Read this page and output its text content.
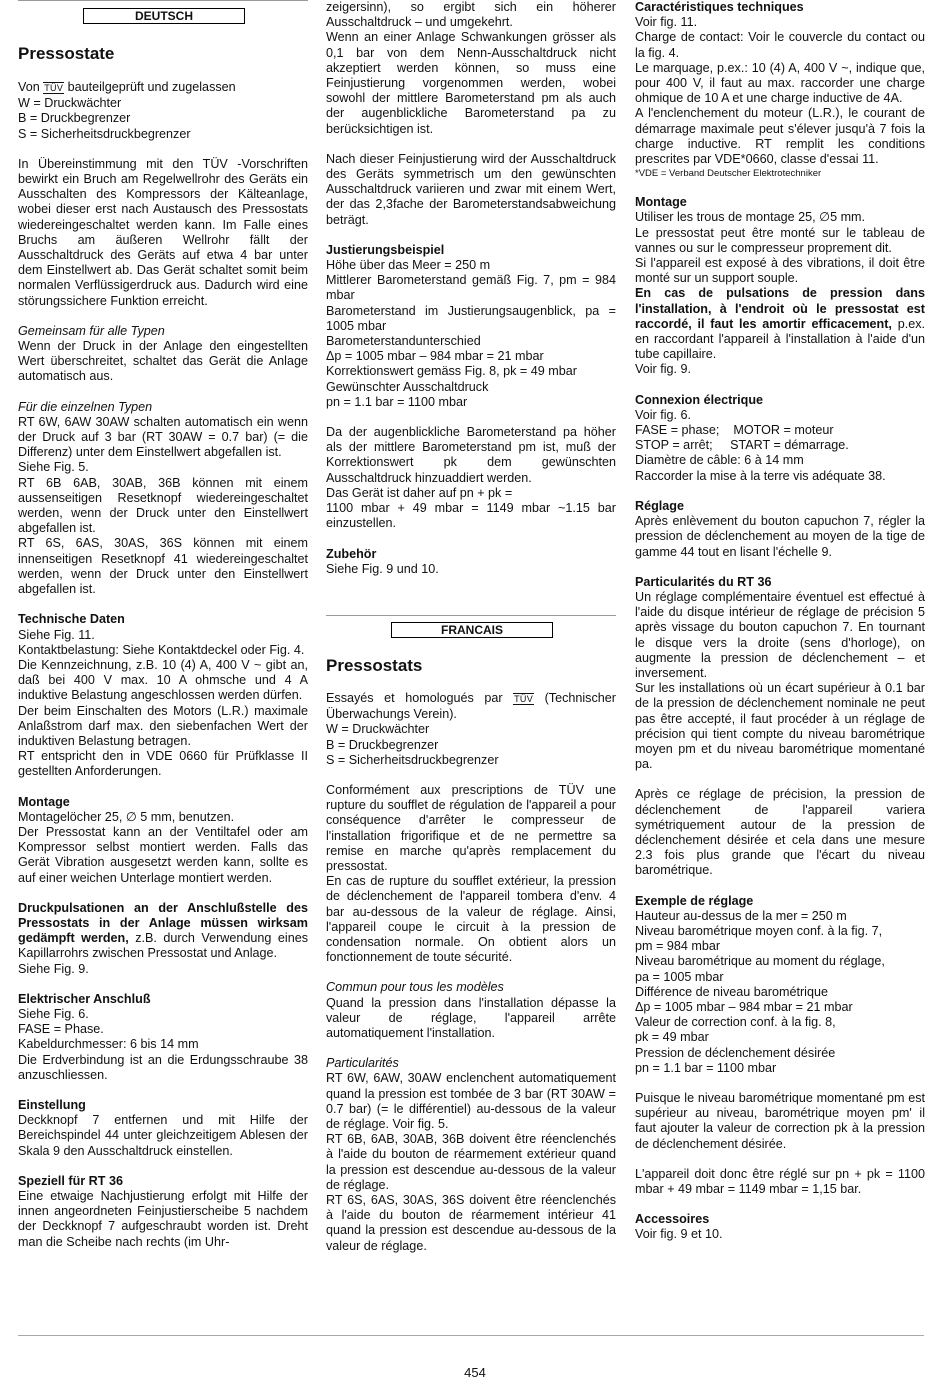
DEUTSCH

Pressostate

Von TÜV bauteilgeprüft und zugelassen

W = Druckwächter

B = Druckbegrenzer

S = Sicherheitsdruckbegrenzer

In Übereinstimmung mit den TÜV -Vorschriften bewirkt ein Bruch am Regelwellrohr des Geräts ein Ausschalten des Kompressors der Kälteanlage, wobei dieser erst nach Austausch des Pressostats wiedereingeschaltet werden kann. Im Falle eines Bruchs am äußeren Wellrohr fällt der Ausschaltdruck des Geräts auf etwa 4 bar unter dem Einstellwert ab. Das Gerät schaltet somit beim normalen Verflüssigerdruck aus. Dadurch wird eine störungssichere Funktion erreicht.

Gemeinsam für alle Typen

Wenn der Druck in der Anlage den eingestellten Wert überschreitet, schaltet das Gerät die Anlage automatisch aus.

Für die einzelnen Typen

RT 6W, 6AW 30AW schalten automatisch ein wenn der Druck auf 3 bar (RT 30AW = 0.7 bar) (= die Differenz) unter dem Einstellwert abgefallen ist.

Siehe Fig. 5.

RT 6B 6AB, 30AB, 36B können mit einem aussenseitigen Resetknopf wiedereingeschaltet werden, wenn der Druck unter den Einstellwert abgefallen ist.

RT 6S, 6AS, 30AS, 36S können mit einem innenseitigen Resetknopf 41 wiedereingeschaltet werden, wenn der Druck unter den Einstellwert abgefallen ist.

Technische Daten

Siehe Fig. 11.

Kontaktbelastung: Siehe Kontaktdeckel oder Fig. 4.

Die Kennzeichnung, z.B. 10 (4) A, 400 V ~ gibt an, daß bei 400 V max. 10 A ohmsche und 4 A induktive Belastung angeschlossen werden dürfen.

Der beim Einschalten des Motors (L.R.) maximale Anlaßstrom darf max. den siebenfachen Wert der induktiven Belastung betragen.

RT entspricht den in VDE 0660 für Prüfklasse II gestellten Anforderungen.

Montage

Montagelöcher 25, ∅ 5 mm, benutzen.

Der Pressostat kann an der Ventiltafel oder am Kompressor selbst montiert werden. Falls das Gerät Vibration ausgesetzt werden kann, sollte es auf einer weichen Unterlage montiert werden.

Druckpulsationen an der Anschlußstelle des Pressostats in der Anlage müssen wirksam gedämpft werden, z.B. durch Verwendung eines Kapillarrohrs zwischen Pressostat und Anlage.

Siehe Fig. 9.

Elektrischer Anschluß

Siehe Fig. 6.

FASE = Phase.

Kabeldurchmesser: 6 bis 14 mm

Die Erdverbindung ist an die Erdungsschraube 38 anzuschliessen.

Einstellung

Deckknopf 7 entfernen und mit Hilfe der Bereichspindel 44 unter gleichzeitigem Ablesen der Skala 9 den Ausschaltdruck einstellen.

Speziell für RT 36

Eine etwaige Nachjustierung erfolgt mit Hilfe der innen angeordneten Feinjustierscheibe 5 nachdem der Deckknopf 7 aufgeschraubt worden ist. Dreht man die Scheibe nach rechts (im Uhr-

zeigersinn), so ergibt sich ein höherer Ausschaltdruck – und umgekehrt.

Wenn an einer Anlage Schwankungen grösser als 0,1 bar von dem Nenn-Ausschaltdruck nicht akzeptiert werden können, so muss eine Feinjustierung vorgenommen werden, wobei sowohl der mittlere Barometerstand pm als auch der augenblickliche Barometerstand pa zu berücksichtigen ist.

Nach dieser Feinjustierung wird der Ausschaltdruck des Geräts symmetrisch um den gewünschten Ausschaltdruck variieren und zwar mit einem Wert, der das 2,3fache der Barometerstandsabweichung beträgt.

Justierungsbeispiel

Höhe über das Meer = 250 m

Mittlerer Barometerstand gemäß Fig. 7, pm = 984 mbar

Barometerstand im Justierungsaugenblick, pa = 1005 mbar

Barometerstandunterschied

Δp = 1005 mbar – 984 mbar = 21 mbar

Korrektionswert gemäss Fig. 8, pk = 49 mbar

Gewünschter Ausschaltdruck

pn = 1.1 bar = 1100 mbar

Da der augenblickliche Barometerstand pa höher als der mittlere Barometerstand pm ist, muß der Korrektionswert pk dem gewünschten Ausschaltdruck hinzuaddiert werden.

Das Gerät ist daher auf pn + pk =

1100 mbar + 49 mbar = 1149 mbar ~1.15 bar einzustellen.

Zubehör

Siehe Fig. 9 und 10.

FRANCAIS

Pressostats

Essayés et homologués par TÜV (Technischer Überwachungs Verein).

W = Druckwächter

B = Druckbegrenzer

S = Sicherheitsdruckbegrenzer

Conformément aux prescriptions de TÜV une rupture du soufflet de régulation de l'appareil a pour conséquence d'arrêter le compresseur de l'installation frigorifique et de ne permettre sa remise en marche qu'après remplacement du pressostat.

En cas de rupture du soufflet extérieur, la pression de déclenchement de l'appareil tombera d'env. 4 bar au-dessous de la valeur de réglage. Ainsi, l'appareil coupe le circuit à la pression de condensation normale. On obtient alors un fonctionnement de toute sécurité.

Commun pour tous les modèles

Quand la pression dans l'installation dépasse la valeur de réglage, l'appareil arrête automatiquement l'installation.

Particularités

RT 6W, 6AW, 30AW enclenchent automatiquement quand la pression est tombée de 3 bar (RT 30AW = 0.7 bar) (= le différentiel) au-dessous de la valeur de réglage. Voir fig. 5.

RT 6B, 6AB, 30AB, 36B doivent être réenclenchés à l'aide du bouton de réarmement extérieur quand la pression est descendue au-dessous de la valeur de réglage.

RT 6S, 6AS, 30AS, 36S doivent être réenclenchés à l'aide du bouton de réarmement intérieur 41 quand la pression est descendue au-dessous de la valeur de réglage.

Caractéristiques techniques

Voir fig. 11.

Charge de contact: Voir le couvercle du contact ou la fig. 4.

Le marquage, p.ex.: 10 (4) A, 400 V ~, indique que, pour 400 V, il faut au max. raccorder une charge ohmique de 10 A et une charge inductive de 4A.

A l'enclenchement du moteur (L.R.), le courant de démarrage maximale peut s'élever jusqu'à 7 fois la charge inductive. RT remplit les conditions prescrites par VDE*0660, classe d'essai 11.

*VDE = Verband Deutscher Elektrotechniker

Montage

Utiliser les trous de montage 25, ∅5 mm.

Le pressostat peut être monté sur le tableau de vannes ou sur le compresseur proprement dit.

Si l'appareil est exposé à des vibrations, il doit être monté sur un support souple.

En cas de pulsations de pression dans l'installation, à l'endroit où le pressostat est raccordé, il faut les amortir efficacement, p.ex. en raccordant l'appareil à l'installation à l'aide d'un tube capillaire.

Voir fig. 9.

Connexion électrique

Voir fig. 6.

FASE = phase;    MOTOR = moteur

STOP = arrêt;     START = démarrage.

Diamètre de câble: 6 à 14 mm

Raccorder la mise à la terre vis adéquate 38.

Réglage

Après enlèvement du bouton capuchon 7, régler la pression de déclenchement au moyen de la tige de gamme 44 tout en lisant l'échelle 9.

Particularités du RT 36

Un réglage complémentaire éventuel est effectué à l'aide du disque intérieur de réglage de précision 5 après vissage du bouton capuchon 7. En tournant le disque vers la droite (sens d'horloge), on augmente la pression de déclenchement – et inversement.

Sur les installations où un écart supérieur à 0.1 bar de la pression de déclenchement nominale ne peut pas être accepté, il faut procéder à un réglage de précision qui tient compte du niveau barométrique moyen pm et du niveau barométrique momentané pa.

Après ce réglage de précision, la pression de déclenchement de l'appareil variera symétriquement autour de la pression de déclenchement désirée et cela dans une mesure 2.3 fois plus grande que l'écart du niveau barométrique.

Exemple de réglage

Hauteur au-dessus de la mer = 250 m

Niveau barométrique moyen conf. à la fig. 7,

pm = 984 mbar

Niveau barométrique au moment du réglage,

pa = 1005 mbar

Différence de niveau barométrique

Δp = 1005 mbar – 984 mbar = 21 mbar

Valeur de correction conf. à la fig. 8,

pk = 49 mbar

Pression de déclenchement désirée

pn = 1.1 bar = 1100 mbar

Puisque le niveau barométrique momentané pm est supérieur au niveau, barométrique moyen pm' il faut ajouter la valeur de correction pk à la pression de déclenchement désirée.

L'appareil doit donc être réglé sur pn + pk = 1100 mbar + 49 mbar = 1149 mbar = 1,15 bar.

Accessoires

Voir fig. 9 et 10.

454
